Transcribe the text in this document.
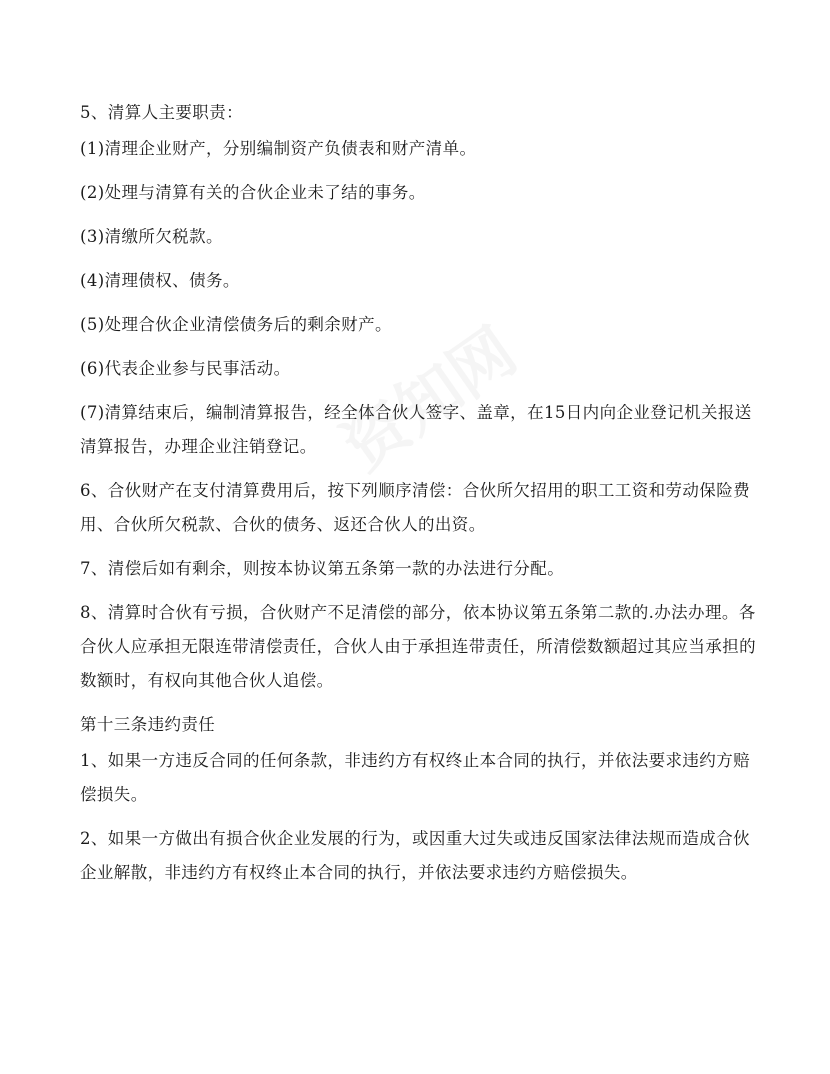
资知网

5、清算人主要职责：

(1)清理企业财产，分别编制资产负债表和财产清单。

(2)处理与清算有关的合伙企业未了结的事务。

(3)清缴所欠税款。

(4)清理债权、债务。

(5)处理合伙企业清偿债务后的剩余财产。

(6)代表企业参与民事活动。

(7)清算结束后，编制清算报告，经全体合伙人签字、盖章，在15日内向企业登记机关报送清算报告，办理企业注销登记。

6、合伙财产在支付清算费用后，按下列顺序清偿：合伙所欠招用的职工工资和劳动保险费用、合伙所欠税款、合伙的债务、返还合伙人的出资。

7、清偿后如有剩余，则按本协议第五条第一款的办法进行分配。

8、清算时合伙有亏损，合伙财产不足清偿的部分，依本协议第五条第二款的.办法办理。各合伙人应承担无限连带清偿责任，合伙人由于承担连带责任，所清偿数额超过其应当承担的数额时，有权向其他合伙人追偿。

第十三条违约责任

1、如果一方违反合同的任何条款，非违约方有权终止本合同的执行，并依法要求违约方赔偿损失。

2、如果一方做出有损合伙企业发展的行为，或因重大过失或违反国家法律法规而造成合伙企业解散，非违约方有权终止本合同的执行，并依法要求违约方赔偿损失。
